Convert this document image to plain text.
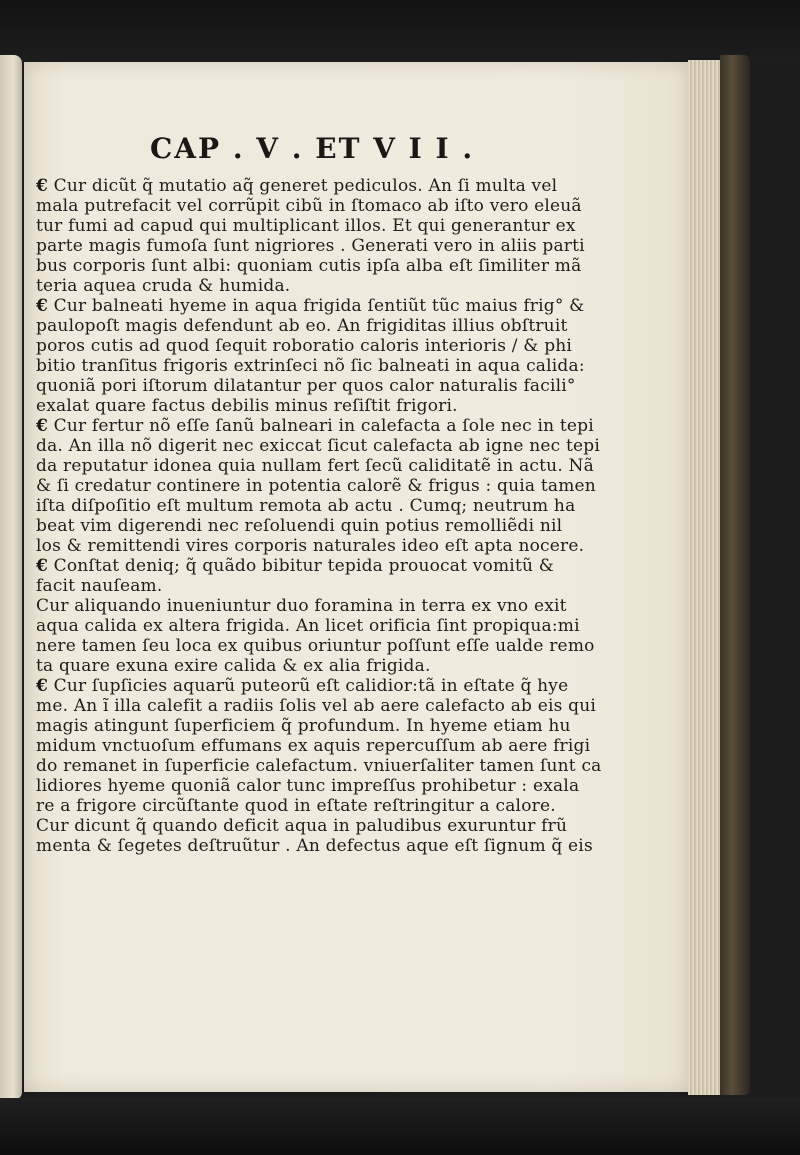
CAP . V . ET V I I .

€ Cur dicũt q̃ mutatio aq̃ generet pediculos. An ſi multa vel

mala putrefacit vel corrũpit cibũ in ſtomaco ab iſto vero eleuã

tur fumi ad capud qui multiplicant illos. Et qui generantur ex

parte magis fumoſa ſunt nigriores . Generati vero in aliis parti

bus corporis ſunt albi: quoniam cutis ipſa alba eſt ſimiliter mã

teria aquea cruda & humida.

€ Cur balneati hyeme in aqua frigida ſentiũt tũc maius frig° &

paulopoſt magis defendunt ab eo. An frigiditas illius obſtruit

poros cutis ad quod ſequit roboratio caloris interioris / & phi

bitio tranſitus frigoris extrinſeci nõ ſic balneati in aqua calida:

quoniã pori iſtorum dilatantur per quos calor naturalis facili°

exalat quare factus debilis minus reſiſtit frigori.

€ Cur fertur nõ eſſe ſanũ balneari in calefacta a ſole nec in tepi

da. An illa nõ digerit nec exiccat ſicut calefacta ab igne nec tepi

da reputatur idonea quia nullam fert ſecũ caliditatẽ in actu. Nã

& ſi credatur continere in potentia calorẽ & frigus : quia tamen

iſta diſpoſitio eſt multum remota ab actu . Cumq; neutrum ha

beat vim digerendi nec reſoluendi quin potius remolliẽdi nil

los & remittendi vires corporis naturales ideo eſt apta nocere.

€ Conſtat deniq; q̃ quãdo bibitur tepida prouocat vomitũ &

facit nauſeam.

Cur aliquando inueniuntur duo foramina in terra ex vno exit

aqua calida ex altera frigida. An licet orificia ſint propiqua:mi

nere tamen ſeu loca ex quibus oriuntur poſſunt eſſe ualde remo

ta quare exuna exire calida & ex alia frigida.

€ Cur ſupſicies aquarũ puteorũ eſt calidior:tã in eſtate q̃ hye

me. An ĩ illa calefit a radiis ſolis vel ab aere calefacto ab eis qui

magis atingunt ſuperficiem q̃ profundum. In hyeme etiam hu

midum vnctuoſum effumans ex aquis repercuſſum ab aere frigi

do remanet in ſuperficie calefactum. vniuerſaliter tamen ſunt ca

lidiores hyeme quoniã calor tunc impreſſus prohibetur : exala

re a frigore circũſtante quod in eſtate reſtringitur a calore.

Cur dicunt q̃ quando deficit aqua in paludibus exuruntur frũ

menta & ſegetes deſtruũtur . An defectus aque eſt ſignum q̃ eis
